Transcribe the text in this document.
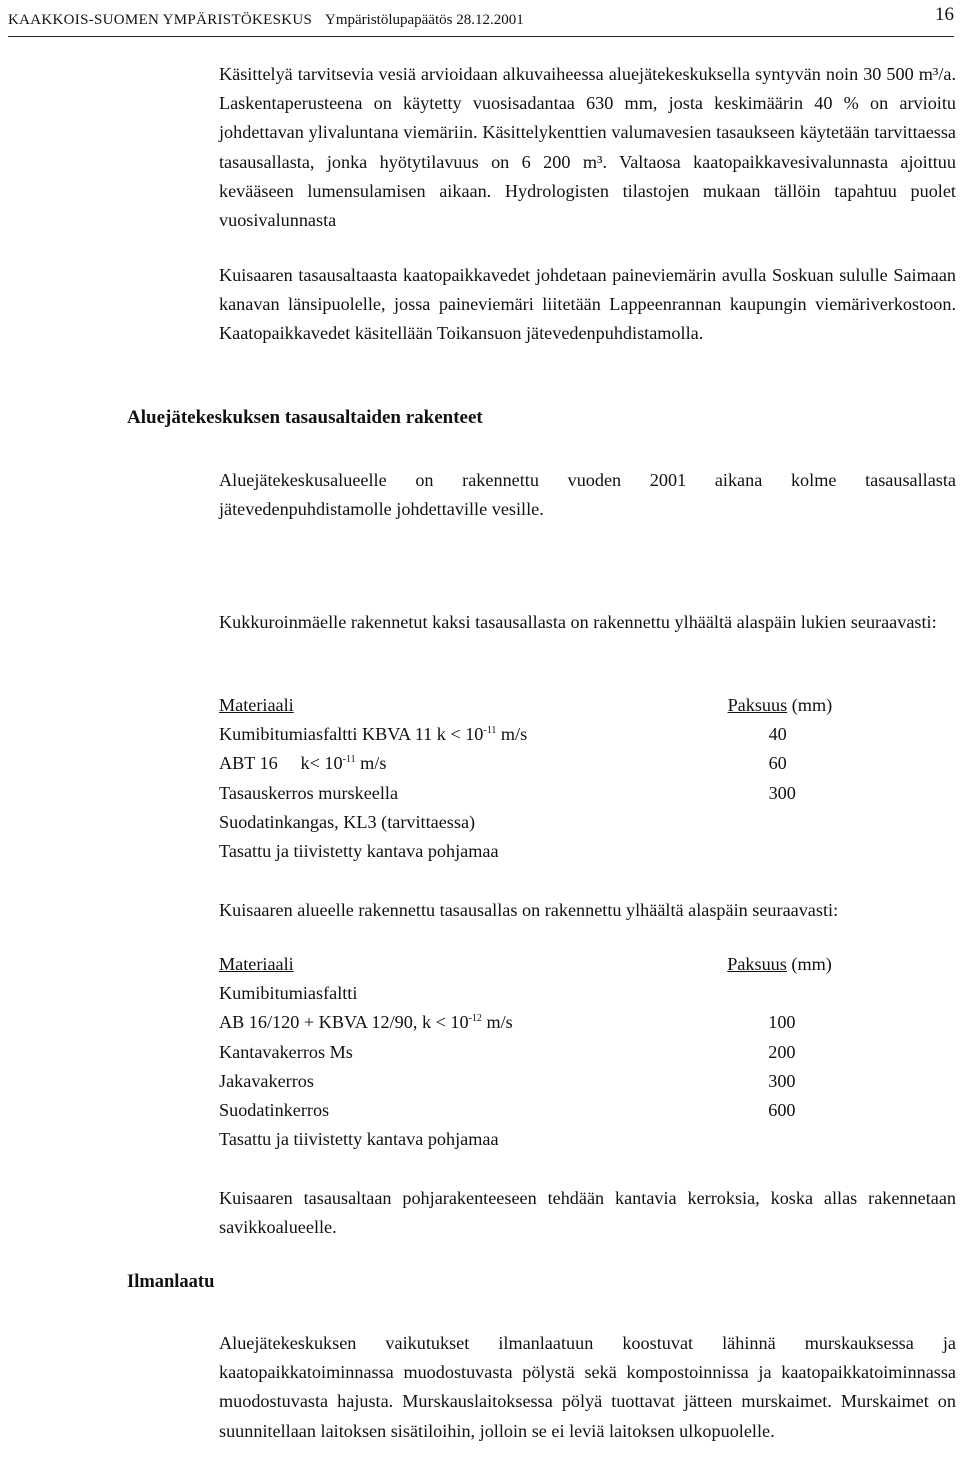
KAAKKOIS-SUOMEN YMPÄRISTÖKESKUS Ympäristölupapäätös 28.12.2001	16

Käsittelyä tarvitsevia vesiä arvioidaan alkuvaiheessa aluejätekeskuksella syntyvän noin 30 500 m³/a. Laskentaperusteena on käytetty vuosisadantaa 630 mm, josta keskimäärin 40 % on arvioitu johdettavan ylivaluntana viemäriin. Käsittelykenttien valumavesien tasaukseen käytetään tarvittaessa tasausallasta, jonka hyötytilavuus on 6 200 m³. Valtaosa kaatopaikkavesivalunnasta ajoittuu kevääseen lumensulamisen aikaan. Hydrologisten tilastojen mukaan tällöin tapahtuu puolet vuosivalunnasta

Kuisaaren tasausaltaasta kaatopaikkavedet johdetaan paineviemärin avulla Soskuan sululle Saimaan kanavan länsipuolelle, jossa paineviemäri liitetään Lappeenrannan kaupungin viemäriverkostoon. Kaatopaikkavedet käsitellään Toikansuon jätevedenpuhdistamolla.

Aluejätekeskuksen tasausaltaiden rakenteet

Aluejätekeskusalueelle on rakennettu vuoden 2001 aikana kolme tasausallasta jätevedenpuhdistamolle johdettaville vesille.

Kukkuroinmäelle rakennetut kaksi tasausallasta on rakennettu ylhäältä alaspäin lukien seuraavasti:

Materiaali	Paksuus (mm)
Kumibitumiasfaltti KBVA 11 $k < 10^{-11}$ m/s	40
ABT 16     $k< 10^{-11}$ m/s	60
Tasauskerros murskeella	300
Suodatinkangas, KL3 (tarvittaessa)	
Tasattu ja tiivistetty kantava pohjamaa	

Kuisaaren alueelle rakennettu tasausallas on rakennettu ylhäältä alaspäin seuraavasti:

Materiaali	Paksuus (mm)
Kumibitumiasfaltti	
AB 16/120 + KBVA 12/90, $k < 10^{-12}$ m/s	100
Kantavakerros Ms	200
Jakavakerros	300
Suodatinkerros	600
Tasattu ja tiivistetty kantava pohjamaa	

Kuisaaren tasausaltaan pohjarakenteeseen tehdään kantavia kerroksia, koska allas rakennetaan savikkoalueelle.

Ilmanlaatu

Aluejätekeskuksen vaikutukset ilmanlaatuun koostuvat lähinnä murskauksessa ja kaatopaikkatoiminnassa muodostuvasta pölystä sekä kompostoinnissa ja kaatopaikkatoiminnassa muodostuvasta hajusta. Murskauslaitoksessa pölyä tuottavat jätteen murskaimet. Murskaimet on suunnitellaan laitoksen sisätiloihin, jolloin se ei leviä laitoksen ulkopuolelle.
